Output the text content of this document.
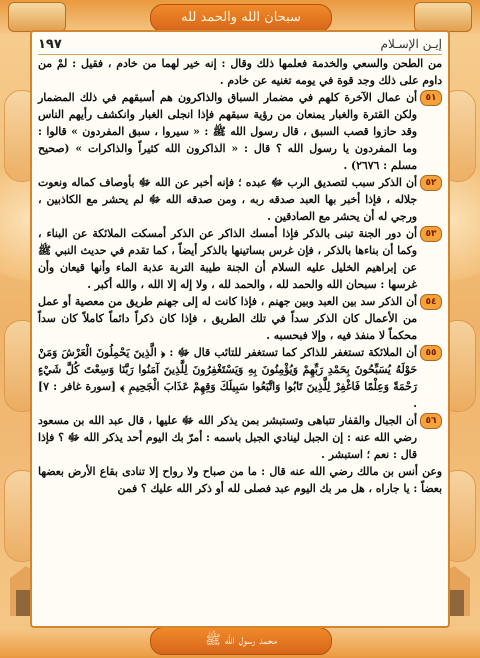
سبحان الله والحمد لله
محمد رسول الله ﷺ
إيـن الإسـلام
١٩٧

من الطحن والسعي والخدمة فعلمها ذلك وقال : إنه خير لهما من خادم ، فقيل : لمْ من داوم على ذلك وجد قوة في يومه تغنيه عن خادم .

٥١
أن عمال الآخرة كلهم في مضمار السباق والذاكرون هم أسبقهم في ذلك المضمار ولكن القترة والغبار يمنعان من رؤية سبقهم فإذا انجلى الغبار وانكشف رأيهم الناس وقد حازوا قصب السبق ، قال رسول الله ﷺ : « سيروا ، سبق المفردون » قالوا : وما المفردون يا رسول الله ؟ قال : « الذاكرون الله كثيراً والذاكرات » (صحيح مسلم : ٢٦٧٦) .
٥٢
أن الذكر سبب لتصديق الرب ﷻ عبده ؛ فإنه أخبر عن الله ﷻ بأوصاف كماله ونعوت جلاله ، فإذا أخبر بها العبد صدقه ربه ، ومن صدقه الله ﷻ لم يحشر مع الكاذبين ، ورجي له أن يحشر مع الصادقين .
٥٣
أن دور الجنة تبنى بالذكر فإذا أمسك الذاكر عن الذكر أمسكت الملائكة عن البناء ، وكما أن بناءها بالذكر ، فإن غرس بساتينها بالذكر أيضاً ، كما تقدم في حديث النبي ﷺ عن إبراهيم الخليل عليه السلام أن الجنة طيبة التربة عذبة الماء وأنها قيعان وأن غرسها : سبحان الله والحمد لله ، والحمد لله ، ولا إله إلا الله ، والله أكبر .
٥٤
أن الذكر سد بين العبد وبين جهنم ، فإذا كانت له إلى جهنم طريق من معصية أو عمل من الأعمال كان الذكر سداً في تلك الطريق ، فإذا كان ذكراً دائماً كاملاً كان سداً محكماً لا منفذ فيه ، وإلا فبحسبه .
٥٥
أن الملائكة تستغفر للذاكر كما تستغفر للتائب قال ﷻ : ﴿ الَّذِينَ يَحْمِلُونَ الْعَرْشَ وَمَنْ حَوْلَهُ يُسَبِّحُونَ بِحَمْدِ رَبِّهِمْ وَيُؤْمِنُونَ بِهِ وَيَسْتَغْفِرُونَ لِلَّذِينَ آمَنُوا رَبَّنَا وَسِعْتَ كُلَّ شَيْءٍ رَحْمَةً وَعِلْمًا فَاغْفِرْ لِلَّذِينَ تَابُوا وَاتَّبَعُوا سَبِيلَكَ وَقِهِمْ عَذَابَ الْجَحِيمِ ﴾ [سورة غافر : ٧] .
٥٦
أن الجبال والقفار تتباهى وتستبشر بمن يذكر الله ﷻ عليها ، قال عبد الله بن مسعود رضي الله عنه : إن الجبل لينادي الجبل باسمه : أمرّ بك اليوم أحد يذكر الله ﷻ ؟ فإذا قال : نعم ؛ استبشر .

وعن أنس بن مالك رضي الله عنه قال : ما من صباح ولا رواح إلا تنادى بقاع الأرض بعضها بعضاً : يا جاراه ، هل مر بك اليوم عبد فصلى لله أو ذكر الله عليك ؟ فمن
